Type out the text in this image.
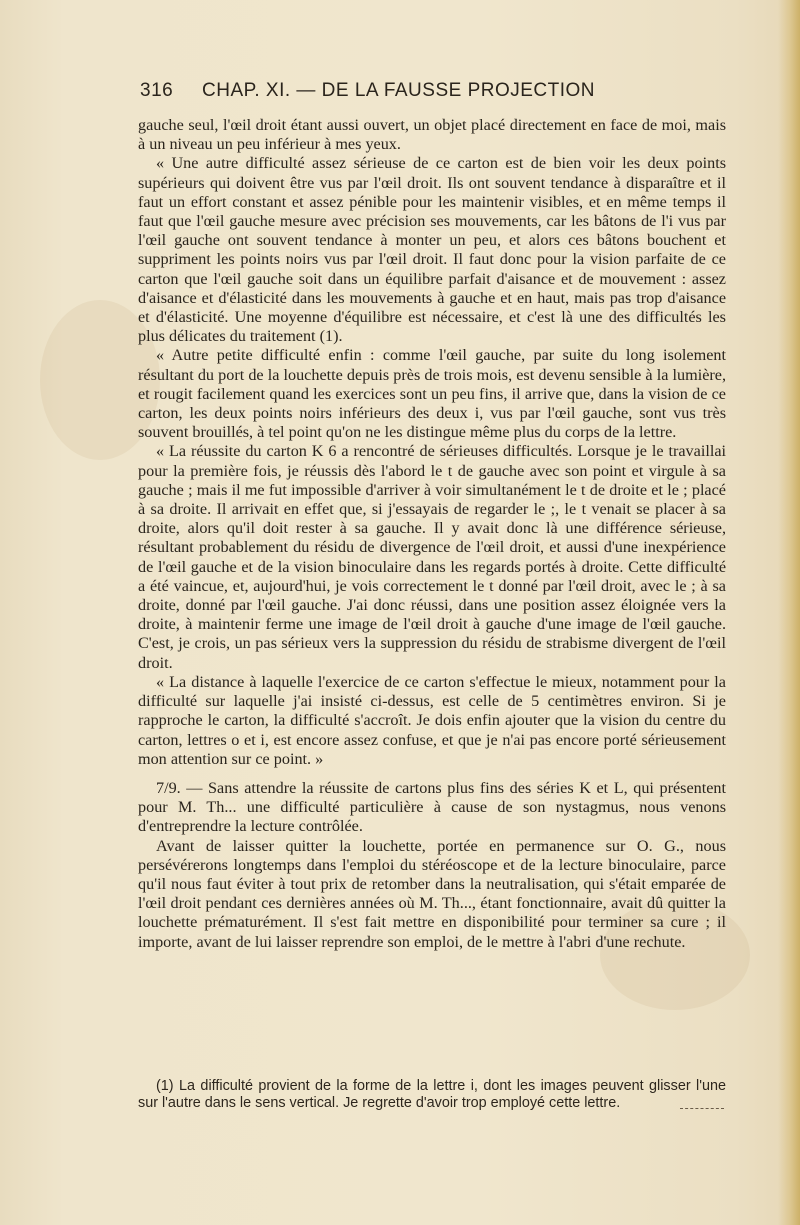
316 CHAP. XI. — DE LA FAUSSE PROJECTION

gauche seul, l'œil droit étant aussi ouvert, un objet placé directement en face de moi, mais à un niveau un peu inférieur à mes yeux.

« Une autre difficulté assez sérieuse de ce carton est de bien voir les deux points supérieurs qui doivent être vus par l'œil droit. Ils ont souvent tendance à disparaître et il faut un effort constant et assez pénible pour les maintenir visibles, et en même temps il faut que l'œil gauche mesure avec précision ses mouvements, car les bâtons de l'i vus par l'œil gauche ont souvent tendance à monter un peu, et alors ces bâtons bouchent et suppriment les points noirs vus par l'œil droit. Il faut donc pour la vision parfaite de ce carton que l'œil gauche soit dans un équilibre parfait d'aisance et de mouvement : assez d'aisance et d'élasticité dans les mouvements à gauche et en haut, mais pas trop d'aisance et d'élasticité. Une moyenne d'équilibre est nécessaire, et c'est là une des difficultés les plus délicates du traitement (1).

« Autre petite difficulté enfin : comme l'œil gauche, par suite du long isolement résultant du port de la louchette depuis près de trois mois, est devenu sensible à la lumière, et rougit facilement quand les exercices sont un peu fins, il arrive que, dans la vision de ce carton, les deux points noirs inférieurs des deux i, vus par l'œil gauche, sont vus très souvent brouillés, à tel point qu'on ne les distingue même plus du corps de la lettre.

« La réussite du carton K 6 a rencontré de sérieuses difficultés. Lorsque je le travaillai pour la première fois, je réussis dès l'abord le t de gauche avec son point et virgule à sa gauche ; mais il me fut impossible d'arriver à voir simultanément le t de droite et le ; placé à sa droite. Il arrivait en effet que, si j'essayais de regarder le ;, le t venait se placer à sa droite, alors qu'il doit rester à sa gauche. Il y avait donc là une différence sérieuse, résultant probablement du résidu de divergence de l'œil droit, et aussi d'une inexpérience de l'œil gauche et de la vision binoculaire dans les regards portés à droite. Cette difficulté a été vaincue, et, aujourd'hui, je vois correctement le t donné par l'œil droit, avec le ; à sa droite, donné par l'œil gauche. J'ai donc réussi, dans une position assez éloignée vers la droite, à maintenir ferme une image de l'œil droit à gauche d'une image de l'œil gauche. C'est, je crois, un pas sérieux vers la suppression du résidu de strabisme divergent de l'œil droit.

« La distance à laquelle l'exercice de ce carton s'effectue le mieux, notamment pour la difficulté sur laquelle j'ai insisté ci-dessus, est celle de 5 centimètres environ. Si je rapproche le carton, la difficulté s'accroît. Je dois enfin ajouter que la vision du centre du carton, lettres o et i, est encore assez confuse, et que je n'ai pas encore porté sérieusement mon attention sur ce point. »

7/9. — Sans attendre la réussite de cartons plus fins des séries K et L, qui présentent pour M. Th... une difficulté particulière à cause de son nystagmus, nous venons d'entreprendre la lecture contrôlée.

Avant de laisser quitter la louchette, portée en permanence sur O. G., nous persévérerons longtemps dans l'emploi du stéréoscope et de la lecture binoculaire, parce qu'il nous faut éviter à tout prix de retomber dans la neutralisation, qui s'était emparée de l'œil droit pendant ces dernières années où M. Th..., étant fonctionnaire, avait dû quitter la louchette prématurément. Il s'est fait mettre en disponibilité pour terminer sa cure ; il importe, avant de lui laisser reprendre son emploi, de le mettre à l'abri d'une rechute.

(1) La difficulté provient de la forme de la lettre i, dont les images peuvent glisser l'une sur l'autre dans le sens vertical. Je regrette d'avoir trop employé cette lettre.
